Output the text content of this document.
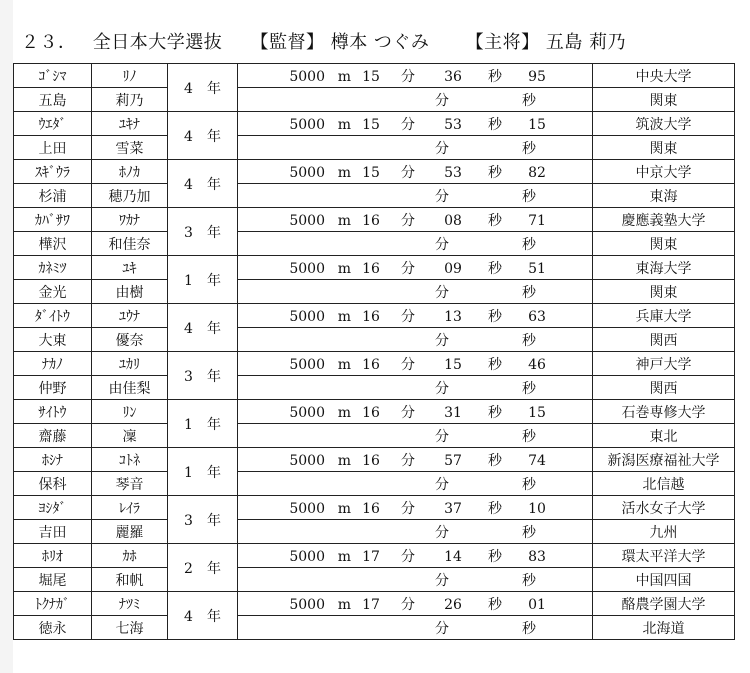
２３． 全日本大学選抜 【監督】 樽本 つぐみ 【主将】 五島 莉乃
ｺﾞｼﾏ	ﾘﾉ	4 年	5000 m 15 分 36 秒 95	中央大学
五島	莉乃		分 秒	関東
ｳｴﾀﾞ	ﾕｷﾅ	4 年	5000 m 15 分 53 秒 15	筑波大学
上田	雪菜		分 秒	関東
ｽｷﾞｳﾗ	ﾎﾉｶ	4 年	5000 m 15 分 53 秒 82	中京大学
杉浦	穂乃加		分 秒	東海
ｶﾊﾞｻﾜ	ﾜｶﾅ	3 年	5000 m 16 分 08 秒 71	慶應義塾大学
樺沢	和佳奈		分 秒	関東
ｶﾈﾐﾂ	ﾕｷ	1 年	5000 m 16 分 09 秒 51	東海大学
金光	由樹		分 秒	関東
ﾀﾞｲﾄｳ	ﾕｳﾅ	4 年	5000 m 16 分 13 秒 63	兵庫大学
大東	優奈		分 秒	関西
ﾅｶﾉ	ﾕｶﾘ	3 年	5000 m 16 分 15 秒 46	神戸大学
仲野	由佳梨		分 秒	関西
ｻｲﾄｳ	ﾘﾝ	1 年	5000 m 16 分 31 秒 15	石巻専修大学
齋藤	凜		分 秒	東北
ﾎｼﾅ	ｺﾄﾈ	1 年	5000 m 16 分 57 秒 74	新潟医療福祉大学
保科	琴音		分 秒	北信越
ﾖｼﾀﾞ	ﾚｲﾗ	3 年	5000 m 16 分 37 秒 10	活水女子大学
吉田	麗羅		分 秒	九州
ﾎﾘｵ	ｶﾎ	2 年	5000 m 17 分 14 秒 83	環太平洋大学
堀尾	和帆		分 秒	中国四国
ﾄｸﾅｶﾞ	ﾅﾂﾐ	4 年	5000 m 17 分 26 秒 01	酪農学園大学
徳永	七海		分 秒	北海道
